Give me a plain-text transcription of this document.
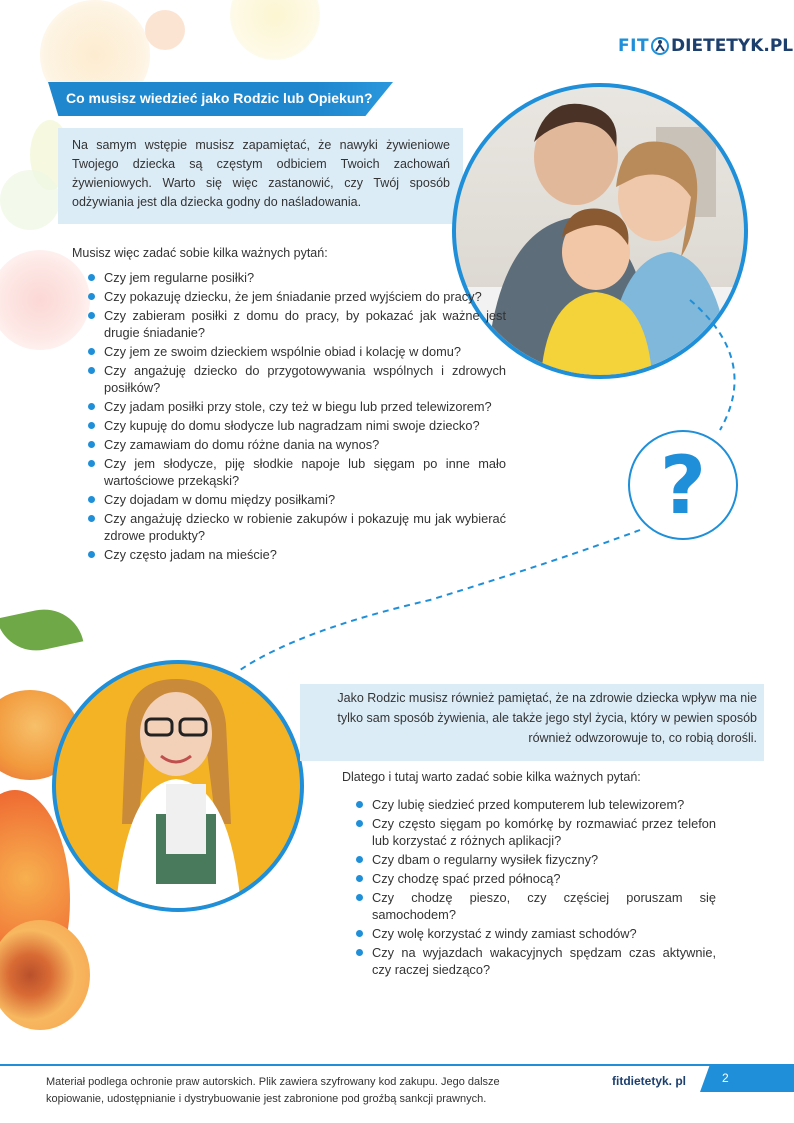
FIT DIETETYK.PL
Co musisz wiedzieć jako Rodzic lub Opiekun?
Na samym wstępie musisz zapamiętać, że nawyki żywieniowe Twojego dziecka są częstym odbiciem Twoich zachowań żywieniowych. Warto się więc zastanowić, czy Twój sposób odżywiania jest dla dziecka godny do naśladowania.
Musisz więc zadać sobie kilka ważnych pytań:
Czy jem regularne posiłki?
Czy pokazuję dziecku, że jem śniadanie przed wyjściem do pracy?
Czy zabieram posiłki z domu do pracy, by pokazać jak ważne jest drugie śniadanie?
Czy jem ze swoim dzieckiem wspólnie obiad i kolację w domu?
Czy angażuję dziecko do przygotowywania wspólnych i zdrowych posiłków?
Czy jadam posiłki przy stole, czy też w biegu lub przed telewizorem?
Czy kupuję do domu słodycze lub nagradzam nimi swoje dziecko?
Czy zamawiam do domu różne dania na wynos?
Czy jem słodycze, piję słodkie napoje lub sięgam po inne mało wartościowe przekąski?
Czy dojadam w domu między posiłkami?
Czy angażuję dziecko w robienie zakupów i pokazuję mu jak wybierać zdrowe produkty?
Czy często jadam na mieście?
?
Jako Rodzic musisz również pamiętać, że na zdrowie dziecka wpływ ma nie tylko sam sposób żywienia, ale także jego styl życia, który w pewien sposób również odwzorowuje to, co robią dorośli.
Dlatego i tutaj warto zadać sobie kilka ważnych pytań:
Czy lubię siedzieć przed komputerem lub telewizorem?
Czy często sięgam po komórkę by rozmawiać przez telefon lub korzystać z różnych aplikacji?
Czy dbam o regularny wysiłek fizyczny?
Czy chodzę spać przed północą?
Czy chodzę pieszo, czy częściej poruszam się samochodem?
Czy wolę korzystać z windy zamiast schodów?
Czy na wyjazdach wakacyjnych spędzam czas aktywnie, czy raczej siedząco?
Materiał podlega ochronie praw autorskich. Plik zawiera szyfrowany kod zakupu. Jego dalsze kopiowanie, udostępnianie i dystrybuowanie jest zabronione pod groźbą sankcji prawnych.
fitdietetyk. pl	2
